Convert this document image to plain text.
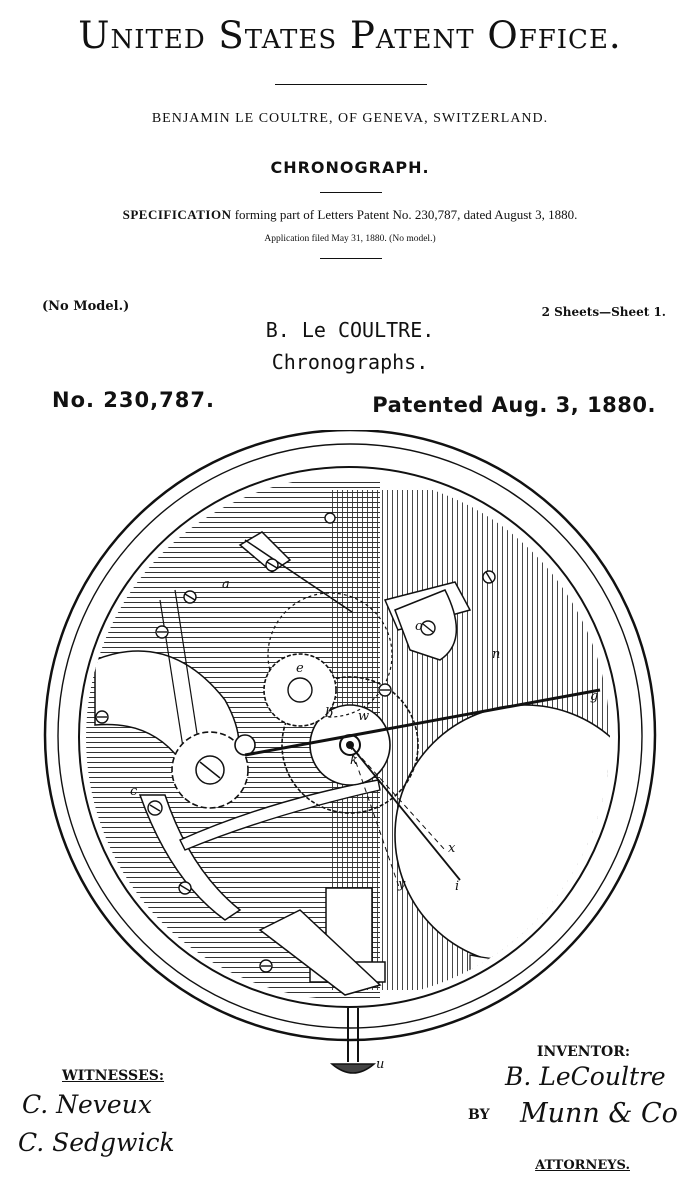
United States Patent Office.
BENJAMIN LE COULTRE, OF GENEVA, SWITZERLAND.
CHRONOGRAPH.
SPECIFICATION forming part of Letters Patent No. 230,787, dated August 3, 1880.
Application filed May 31, 1880. (No model.)
(No Model.)	2 Sheets—Sheet 1.
B. Le COULTRE.
Chronographs.
No. 230,787.	Patented Aug. 3, 1880.
a
g
n
o
b
k
w
c
x
y	i
u
e
WITNESSES:
C. Neveux
C. Sedgwick
INVENTOR:
B. LeCoultre
BY Munn & Co
ATTORNEYS.
